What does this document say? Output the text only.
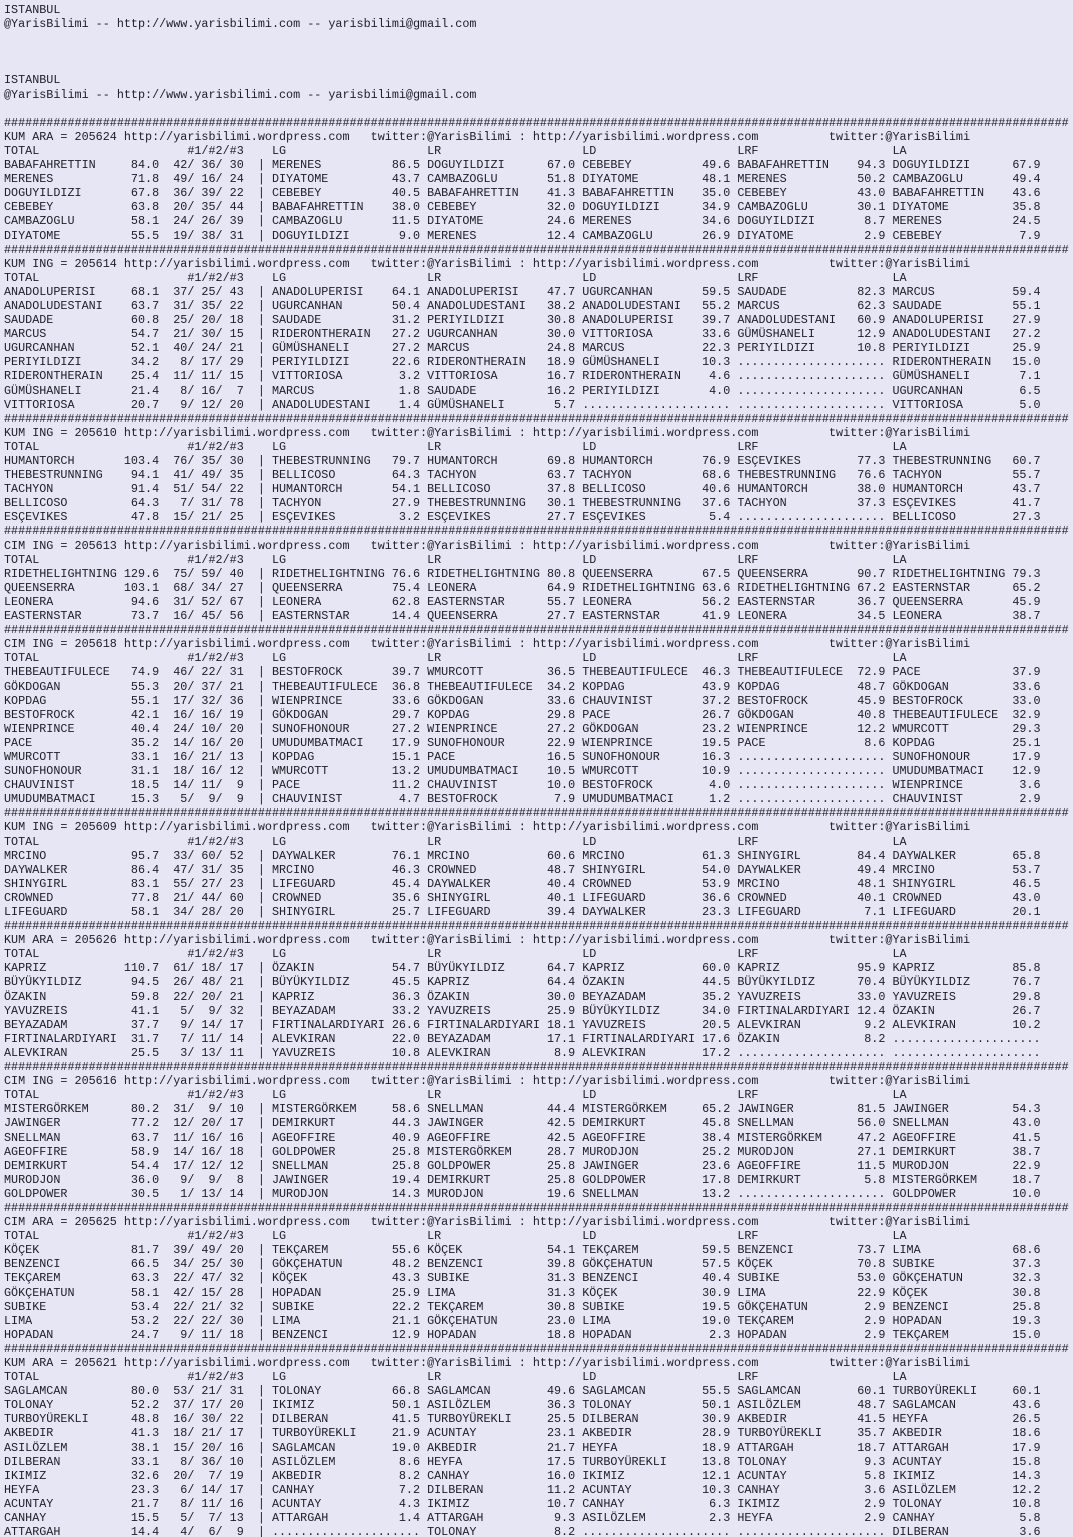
ISTANBUL
@YarisBilimi -- http://www.yarisbilimi.com -- yarisbilimi@gmail.com
ISTANBUL
@YarisBilimi -- http://www.yarisbilimi.com -- yarisbilimi@gmail.com
#######################################################################################################################################################
KUM ARA = 205624 http://yarisbilimi.wordpress.com   twitter:@YarisBilimi : http://yarisbilimi.wordpress.com          twitter:@YarisBilimi
TOTAL                     #1/#2/#3    LG                    LR                    LD                    LRF                   LA
BABAFAHRETTIN     84.0  42/ 36/ 30  | MERENES          86.5 DOGUYILDIZI      67.0 CEBEBEY          49.6 BABAFAHRETTIN    94.3 DOGUYILDIZI      67.9
MERENES           71.8  49/ 16/ 24  | DIYATOME         43.7 CAMBAZOGLU       51.8 DIYATOME         48.1 MERENES          50.2 CAMBAZOGLU       49.4
DOGUYILDIZI       67.8  36/ 39/ 22  | CEBEBEY          40.5 BABAFAHRETTIN    41.3 BABAFAHRETTIN    35.0 CEBEBEY          43.0 BABAFAHRETTIN    43.6
CEBEBEY           63.8  20/ 35/ 44  | BABAFAHRETTIN    38.0 CEBEBEY          32.0 DOGUYILDIZI      34.9 CAMBAZOGLU       30.1 DIYATOME         35.8
CAMBAZOGLU        58.1  24/ 26/ 39  | CAMBAZOGLU       11.5 DIYATOME         24.6 MERENES          34.6 DOGUYILDIZI       8.7 MERENES          24.5
DIYATOME          55.5  19/ 38/ 31  | DOGUYILDIZI       9.0 MERENES          12.4 CAMBAZOGLU       26.9 DIYATOME          2.9 CEBEBEY           7.9
#######################################################################################################################################################
KUM ING = 205614 http://yarisbilimi.wordpress.com   twitter:@YarisBilimi : http://yarisbilimi.wordpress.com          twitter:@YarisBilimi
TOTAL                     #1/#2/#3    LG                    LR                    LD                    LRF                   LA
ANADOLUPERISI     68.1  37/ 25/ 43  | ANADOLUPERISI    64.1 ANADOLUPERISI    47.7 UGURCANHAN       59.5 SAUDADE          82.3 MARCUS           59.4
ANADOLUDESTANI    63.7  31/ 35/ 22  | UGURCANHAN       50.4 ANADOLUDESTANI   38.2 ANADOLUDESTANI   55.2 MARCUS           62.3 SAUDADE          55.1
SAUDADE           60.8  25/ 20/ 18  | SAUDADE          31.2 PERIYILDIZI      30.8 ANADOLUPERISI    39.7 ANADOLUDESTANI   60.9 ANADOLUPERISI    27.9
MARCUS            54.7  21/ 30/ 15  | RIDERONTHERAIN   27.2 UGURCANHAN       30.0 VITTORIOSA       33.6 GÜMÜSHANELI      12.9 ANADOLUDESTANI   27.2
UGURCANHAN        52.1  40/ 24/ 21  | GÜMÜSHANELI      27.2 MARCUS           24.8 MARCUS           22.3 PERIYILDIZI      10.8 PERIYILDIZI      25.9
PERIYILDIZI       34.2   8/ 17/ 29  | PERIYILDIZI      22.6 RIDERONTHERAIN   18.9 GÜMÜSHANELI      10.3 ..................... RIDERONTHERAIN   15.0
RIDERONTHERAIN    25.4  11/ 11/ 15  | VITTORIOSA        3.2 VITTORIOSA       16.7 RIDERONTHERAIN    4.6 ..................... GÜMÜSHANELI       7.1
GÜMÜSHANELI       21.4   8/ 16/  7  | MARCUS            1.8 SAUDADE          16.2 PERIYILDIZI       4.0 ..................... UGURCANHAN        6.5
VITTORIOSA        20.7   9/ 12/ 20  | ANADOLUDESTANI    1.4 GÜMÜSHANELI       5.7 ..................... ..................... VITTORIOSA        5.0
#######################################################################################################################################################
KUM ING = 205610 http://yarisbilimi.wordpress.com   twitter:@YarisBilimi : http://yarisbilimi.wordpress.com          twitter:@YarisBilimi
TOTAL                     #1/#2/#3    LG                    LR                    LD                    LRF                   LA
HUMANTORCH       103.4  76/ 35/ 30  | THEBESTRUNNING   79.7 HUMANTORCH       69.8 HUMANTORCH       76.9 ESÇEVIKES        77.3 THEBESTRUNNING   60.7
THEBESTRUNNING    94.1  41/ 49/ 35  | BELLICOSO        64.3 TACHYON          63.7 TACHYON          68.6 THEBESTRUNNING   76.6 TACHYON          55.7
TACHYON           91.4  51/ 54/ 22  | HUMANTORCH       54.1 BELLICOSO        37.8 BELLICOSO        40.6 HUMANTORCH       38.0 HUMANTORCH       43.7
BELLICOSO         64.3   7/ 31/ 78  | TACHYON          27.9 THEBESTRUNNING   30.1 THEBESTRUNNING   37.6 TACHYON          37.3 ESÇEVIKES        41.7
ESÇEVIKES         47.8  15/ 21/ 25  | ESÇEVIKES         3.2 ESÇEVIKES        27.7 ESÇEVIKES         5.4 ..................... BELLICOSO        27.3
#######################################################################################################################################################
CIM ING = 205613 http://yarisbilimi.wordpress.com   twitter:@YarisBilimi : http://yarisbilimi.wordpress.com          twitter:@YarisBilimi
TOTAL                     #1/#2/#3    LG                    LR                    LD                    LRF                   LA
RIDETHELIGHTNING 129.6  75/ 59/ 40  | RIDETHELIGHTNING 76.6 RIDETHELIGHTNING 80.8 QUEENSERRA       67.5 QUEENSERRA       90.7 RIDETHELIGHTNING 79.3
QUEENSERRA       103.1  68/ 34/ 27  | QUEENSERRA       75.4 LEONERA          64.9 RIDETHELIGHTNING 63.6 RIDETHELIGHTNING 67.2 EASTERNSTAR      65.2
LEONERA           94.6  31/ 52/ 67  | LEONERA          62.8 EASTERNSTAR      55.7 LEONERA          56.2 EASTERNSTAR      36.7 QUEENSERRA       45.9
EASTERNSTAR       73.7  16/ 45/ 56  | EASTERNSTAR      14.4 QUEENSERRA       27.7 EASTERNSTAR      41.9 LEONERA          34.5 LEONERA          38.7
#######################################################################################################################################################
CIM ING = 205618 http://yarisbilimi.wordpress.com   twitter:@YarisBilimi : http://yarisbilimi.wordpress.com          twitter:@YarisBilimi
TOTAL                     #1/#2/#3    LG                    LR                    LD                    LRF                   LA
THEBEAUTIFULECE   74.9  46/ 22/ 31  | BESTOFROCK       39.7 WMURCOTT         36.5 THEBEAUTIFULECE  46.3 THEBEAUTIFULECE  72.9 PACE             37.9
GÖKDOGAN          55.3  20/ 37/ 21  | THEBEAUTIFULECE  36.8 THEBEAUTIFULECE  34.2 KOPDAG           43.9 KOPDAG           48.7 GÖKDOGAN         33.6
KOPDAG            55.1  17/ 32/ 36  | WIENPRINCE       33.6 GÖKDOGAN         33.6 CHAUVINIST       37.2 BESTOFROCK       45.9 BESTOFROCK       33.0
BESTOFROCK        42.1  16/ 16/ 19  | GÖKDOGAN         29.7 KOPDAG           29.8 PACE             26.7 GÖKDOGAN         40.8 THEBEAUTIFULECE  32.9
WIENPRINCE        40.4  24/ 10/ 20  | SUNOFHONOUR      27.2 WIENPRINCE       27.2 GÖKDOGAN         23.2 WIENPRINCE       12.2 WMURCOTT         29.3
PACE              35.2  14/ 16/ 20  | UMUDUMBATMACI    17.9 SUNOFHONOUR      22.9 WIENPRINCE       19.5 PACE              8.6 KOPDAG           25.1
WMURCOTT          33.1  16/ 21/ 13  | KOPDAG           15.1 PACE             16.5 SUNOFHONOUR      16.3 ..................... SUNOFHONOUR      17.9
SUNOFHONOUR       31.1  18/ 16/ 12  | WMURCOTT         13.2 UMUDUMBATMACI    10.5 WMURCOTT         10.9 ..................... UMUDUMBATMACI    12.9
CHAUVINIST        18.5  14/ 11/  9  | PACE             11.2 CHAUVINIST       10.0 BESTOFROCK        4.0 ..................... WIENPRINCE        3.6
UMUDUMBATMACI     15.3   5/  9/  9  | CHAUVINIST        4.7 BESTOFROCK        7.9 UMUDUMBATMACI     1.2 ..................... CHAUVINIST        2.9
#######################################################################################################################################################
KUM ING = 205609 http://yarisbilimi.wordpress.com   twitter:@YarisBilimi : http://yarisbilimi.wordpress.com          twitter:@YarisBilimi
TOTAL                     #1/#2/#3    LG                    LR                    LD                    LRF                   LA
MRCINO            95.7  33/ 60/ 52  | DAYWALKER        76.1 MRCINO           60.6 MRCINO           61.3 SHINYGIRL        84.4 DAYWALKER        65.8
DAYWALKER         86.4  47/ 31/ 35  | MRCINO           46.3 CROWNED          48.7 SHINYGIRL        54.0 DAYWALKER        49.4 MRCINO           53.7
SHINYGIRL         83.1  55/ 27/ 23  | LIFEGUARD        45.4 DAYWALKER        40.4 CROWNED          53.9 MRCINO           48.1 SHINYGIRL        46.5
CROWNED           77.8  21/ 44/ 60  | CROWNED          35.6 SHINYGIRL        40.1 LIFEGUARD        36.6 CROWNED          40.1 CROWNED          43.0
LIFEGUARD         58.1  34/ 28/ 20  | SHINYGIRL        25.7 LIFEGUARD        39.4 DAYWALKER        23.3 LIFEGUARD         7.1 LIFEGUARD        20.1
#######################################################################################################################################################
KUM ARA = 205626 http://yarisbilimi.wordpress.com   twitter:@YarisBilimi : http://yarisbilimi.wordpress.com          twitter:@YarisBilimi
TOTAL                     #1/#2/#3    LG                    LR                    LD                    LRF                   LA
KAPRIZ           110.7  61/ 18/ 17  | ÖZAKIN           54.7 BÜYÜKYILDIZ      64.7 KAPRIZ           60.0 KAPRIZ           95.9 KAPRIZ           85.8
BÜYÜKYILDIZ       94.5  26/ 48/ 21  | BÜYÜKYILDIZ      45.5 KAPRIZ           64.4 ÖZAKIN           44.5 BÜYÜKYILDIZ      70.4 BÜYÜKYILDIZ      76.7
ÖZAKIN            59.8  22/ 20/ 21  | KAPRIZ           36.3 ÖZAKIN           30.0 BEYAZADAM        35.2 YAVUZREIS        33.0 YAVUZREIS        29.8
YAVUZREIS         41.1   5/  9/ 32  | BEYAZADAM        33.2 YAVUZREIS        25.9 BÜYÜKYILDIZ      34.0 FIRTINALARDIYARI 12.4 ÖZAKIN           26.7
BEYAZADAM         37.7   9/ 14/ 17  | FIRTINALARDIYARI 26.6 FIRTINALARDIYARI 18.1 YAVUZREIS        20.5 ALEVKIRAN         9.2 ALEVKIRAN        10.2
FIRTINALARDIYARI  31.7   7/ 11/ 14  | ALEVKIRAN        22.0 BEYAZADAM        17.1 FIRTINALARDIYARI 17.6 ÖZAKIN            8.2 .....................
ALEVKIRAN         25.5   3/ 13/ 11  | YAVUZREIS        10.8 ALEVKIRAN         8.9 ALEVKIRAN        17.2 ..................... .....................
#######################################################################################################################################################
CIM ING = 205616 http://yarisbilimi.wordpress.com   twitter:@YarisBilimi : http://yarisbilimi.wordpress.com          twitter:@YarisBilimi
TOTAL                     #1/#2/#3    LG                    LR                    LD                    LRF                   LA
MISTERGÖRKEM      80.2  31/  9/ 10  | MISTERGÖRKEM     58.6 SNELLMAN         44.4 MISTERGÖRKEM     65.2 JAWINGER         81.5 JAWINGER         54.3
JAWINGER          77.2  12/ 20/ 17  | DEMIRKURT        44.3 JAWINGER         42.5 DEMIRKURT        45.8 SNELLMAN         56.0 SNELLMAN         43.0
SNELLMAN          63.7  11/ 16/ 16  | AGEOFFIRE        40.9 AGEOFFIRE        42.5 AGEOFFIRE        38.4 MISTERGÖRKEM     47.2 AGEOFFIRE        41.5
AGEOFFIRE         58.9  14/ 16/ 18  | GOLDPOWER        25.8 MISTERGÖRKEM     28.7 MURODJON         25.2 MURODJON         27.1 DEMIRKURT        38.7
DEMIRKURT         54.4  17/ 12/ 12  | SNELLMAN         25.8 GOLDPOWER        25.8 JAWINGER         23.6 AGEOFFIRE        11.5 MURODJON         22.9
MURODJON          36.0   9/  9/  8  | JAWINGER         19.4 DEMIRKURT        25.8 GOLDPOWER        17.8 DEMIRKURT         5.8 MISTERGÖRKEM     18.7
GOLDPOWER         30.5   1/ 13/ 14  | MURODJON         14.3 MURODJON         19.6 SNELLMAN         13.2 ..................... GOLDPOWER        10.0
#######################################################################################################################################################
CIM ARA = 205625 http://yarisbilimi.wordpress.com   twitter:@YarisBilimi : http://yarisbilimi.wordpress.com          twitter:@YarisBilimi
TOTAL                     #1/#2/#3    LG                    LR                    LD                    LRF                   LA
KÖÇEK             81.7  39/ 49/ 20  | TEKÇAREM         55.6 KÖÇEK            54.1 TEKÇAREM         59.5 BENZENCI         73.7 LIMA             68.6
BENZENCI          66.5  34/ 25/ 30  | GÖKÇEHATUN       48.2 BENZENCI         39.8 GÖKÇEHATUN       57.5 KÖÇEK            70.8 SUBIKE           37.3
TEKÇAREM          63.3  22/ 47/ 32  | KÖÇEK            43.3 SUBIKE           31.3 BENZENCI         40.4 SUBIKE           53.0 GÖKÇEHATUN       32.3
GÖKÇEHATUN        58.1  42/ 15/ 28  | HOPADAN          25.9 LIMA             31.3 KÖÇEK            30.9 LIMA             22.9 KÖÇEK            30.8
SUBIKE            53.4  22/ 21/ 32  | SUBIKE           22.2 TEKÇAREM         30.8 SUBIKE           19.5 GÖKÇEHATUN        2.9 BENZENCI         25.8
LIMA              53.2  22/ 22/ 30  | LIMA             21.1 GÖKÇEHATUN       23.0 LIMA             19.0 TEKÇAREM          2.9 HOPADAN          19.3
HOPADAN           24.7   9/ 11/ 18  | BENZENCI         12.9 HOPADAN          18.8 HOPADAN           2.3 HOPADAN           2.9 TEKÇAREM         15.0
#######################################################################################################################################################
KUM ARA = 205621 http://yarisbilimi.wordpress.com   twitter:@YarisBilimi : http://yarisbilimi.wordpress.com          twitter:@YarisBilimi
TOTAL                     #1/#2/#3    LG                    LR                    LD                    LRF                   LA
SAGLAMCAN         80.0  53/ 21/ 31  | TOLONAY          66.8 SAGLAMCAN        49.6 SAGLAMCAN        55.5 SAGLAMCAN        60.1 TURBOYÜREKLI     60.1
TOLONAY           52.2  37/ 17/ 20  | IKIMIZ           50.1 ASILÖZLEM        36.3 TOLONAY          50.1 ASILÖZLEM        48.7 SAGLAMCAN        43.6
TURBOYÜREKLI      48.8  16/ 30/ 22  | DILBERAN         41.5 TURBOYÜREKLI     25.5 DILBERAN         30.9 AKBEDIR          41.5 HEYFA            26.5
AKBEDIR           41.3  18/ 21/ 17  | TURBOYÜREKLI     21.9 ACUNTAY          23.1 AKBEDIR          28.9 TURBOYÜREKLI     35.7 AKBEDIR          18.6
ASILÖZLEM         38.1  15/ 20/ 16  | SAGLAMCAN        19.0 AKBEDIR          21.7 HEYFA            18.9 ATTARGAH         18.7 ATTARGAH         17.9
DILBERAN          33.1   8/ 36/ 10  | ASILÖZLEM         8.6 HEYFA            17.5 TURBOYÜREKLI     13.8 TOLONAY           9.3 ACUNTAY          15.8
IKIMIZ            32.6  20/  7/ 19  | AKBEDIR           8.2 CANHAY           16.0 IKIMIZ           12.1 ACUNTAY           5.8 IKIMIZ           14.3
HEYFA             23.3   6/ 14/ 17  | CANHAY            7.2 DILBERAN         11.2 ACUNTAY          10.3 CANHAY            3.6 ASILÖZLEM        12.2
ACUNTAY           21.7   8/ 11/ 16  | ACUNTAY           4.3 IKIMIZ           10.7 CANHAY            6.3 IKIMIZ            2.9 TOLONAY          10.8
CANHAY            15.5   5/  7/ 13  | ATTARGAH          1.4 ATTARGAH          9.3 ASILÖZLEM         2.3 HEYFA             2.9 CANHAY            5.8
ATTARGAH          14.4   4/  6/  9  | ..................... TOLONAY           8.2 ..................... ..................... DILBERAN          3.6
